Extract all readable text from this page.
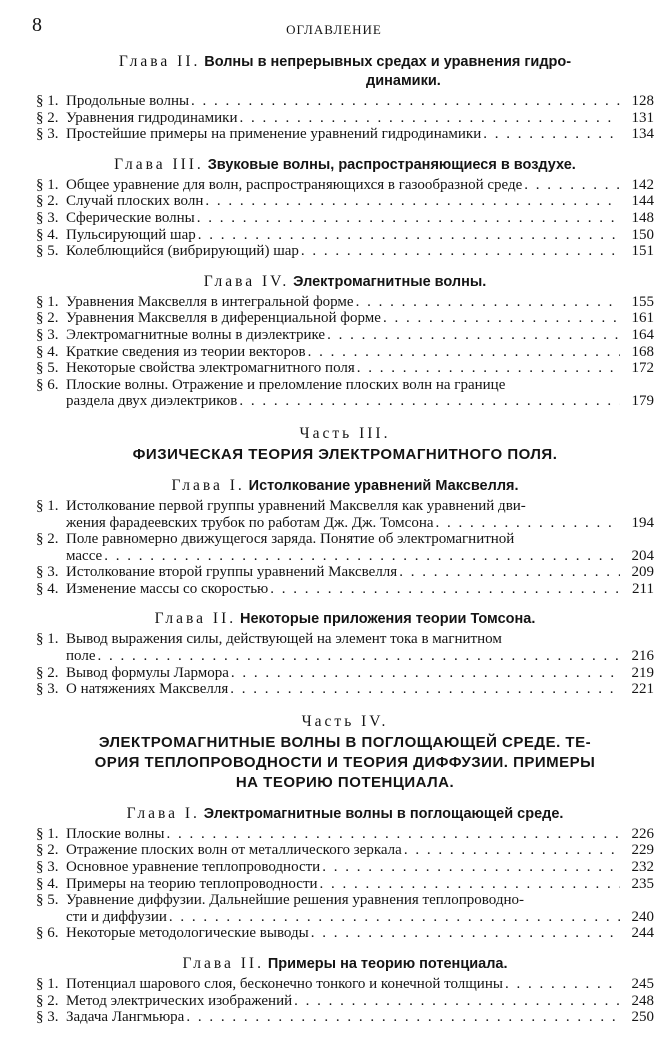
8	ОГЛАВЛЕНИЕ
Глава II. Волны в непрерывных средах и уравнения гидро-
динамики.
§ 1. Продольные волны . . .	128
§ 2. Уравнения гидродинамики . . .	131
§ 3. Простейшие примеры на применение уравнений гидродинамики . . .	134
Глава III. Звуковые волны, распространяющиеся в воздухе.
§ 1. Общее уравнение для волн, распространяющихся в газообразной среде . . .	142
§ 2. Случай плоских волн . . .	144
§ 3. Сферические волны . . .	148
§ 4. Пульсирующий шар . . .	150
§ 5. Колеблющийся (вибрирующий) шар . . .	151
Глава IV. Электромагнитные волны.
§ 1. Уравнения Максвелля в интегральной форме . . .	155
§ 2. Уравнения Максвелля в диференциальной форме . . .	161
§ 3. Электромагнитные волны в диэлектрике . . .	164
§ 4. Краткие сведения из теории векторов . . .	168
§ 5. Некоторые свойства электромагнитного поля . . .	172
§ 6. Плоские волны. Отражение и преломление плоских волн на границе
раздела двух диэлектриков . . .	179
Часть III.
ФИЗИЧЕСКАЯ ТЕОРИЯ ЭЛЕКТРОМАГНИТНОГО ПОЛЯ.
Глава I. Истолкование уравнений Максвелля.
§ 1. Истолкование первой группы уравнений Максвелля как уравнений дви-
жения фарадеевских трубок по работам Дж. Дж. Томсона . . .	194
§ 2. Поле равномерно движущегося заряда. Понятие об электромагнитной
массе . . .	204
§ 3. Истолкование второй группы уравнений Максвелля . . .	209
§ 4. Изменение массы со скоростью . . .	211
Глава II. Некоторые приложения теории Томсона.
§ 1. Вывод выражения силы, действующей на элемент тока в магнитном
поле . . .	216
§ 2. Вывод формулы Лармора . . .	219
§ 3. О натяжениях Максвелля . . .	221
Часть IV.
ЭЛЕКТРОМАГНИТНЫЕ ВОЛНЫ В ПОГЛОЩАЮЩЕЙ СРЕДЕ. ТЕ-
ОРИЯ ТЕПЛОПРОВОДНОСТИ И ТЕОРИЯ ДИФФУЗИИ. ПРИМЕРЫ
НА ТЕОРИЮ ПОТЕНЦИАЛА.
Глава I. Электромагнитные волны в поглощающей среде.
§ 1. Плоские волны . . .	226
§ 2. Отражение плоских волн от металлического зеркала . . .	229
§ 3. Основное уравнение теплопроводности . . .	232
§ 4. Примеры на теорию теплопроводности . . .	235
§ 5. Уравнение диффузии. Дальнейшие решения уравнения теплопроводно-
сти и диффузии . . .	240
§ 6. Некоторые методологические выводы . . .	244
Глава II. Примеры на теорию потенциала.
§ 1. Потенциал шарового слоя, бесконечно тонкого и конечной толщины . . .	245
§ 2. Метод электрических изображений . . .	248
§ 3. Задача Лангмьюра . . .	250
